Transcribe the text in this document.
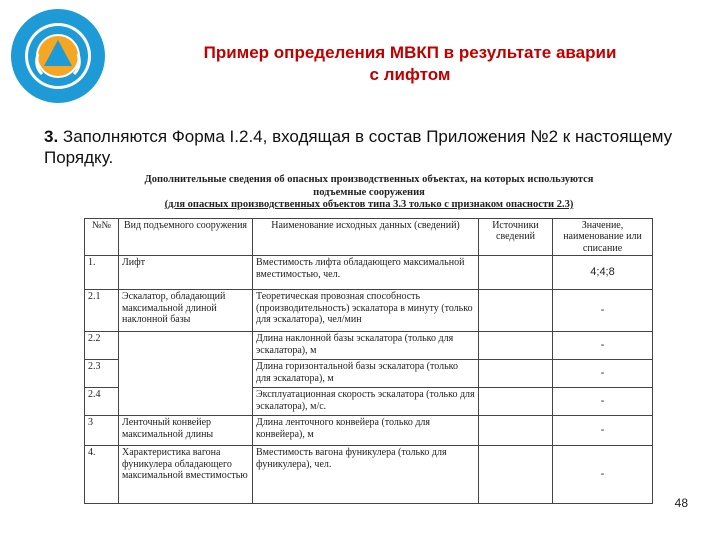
Пример определения МВКП в результате аварии
с лифтом
3. Заполняются Форма I.2.4, входящая в состав Приложения №2 к настоящему Порядку.
Дополнительные сведения об опасных производственных объектах, на которых используются
подъемные сооружения
(для опасных производственных объектов типа 3.3 только с признаком опасности 2.3)
№№	Вид подъемного сооружения	Наименование исходных данных (сведений)	Источники сведений	Значение, наименование или списание
1.	Лифт	Вместимость лифта обладающего максимальной вместимостью, чел.		4;4;8
2.1	Эскалатор, обладающий максимальной длиной наклонной базы	Теоретическая провозная способность (производительность) эскалатора в минуту (только для эскалатора), чел/мин		-
2.2		Длина наклонной базы эскалатора (только для эскалатора), м		-
2.3		Длина горизонтальной базы эскалатора (только для эскалатора), м		-
2.4		Эксплуатационная скорость эскалатора (только для эскалатора), м/с.		-
3	Ленточный конвейер максимальной длины	Длина ленточного конвейера (только для конвейера), м		-
4.	Характеристика вагона фуникулера обладающего максимальной вместимостью	Вместимость вагона фуникулера (только для фуникулера), чел.		-
48
